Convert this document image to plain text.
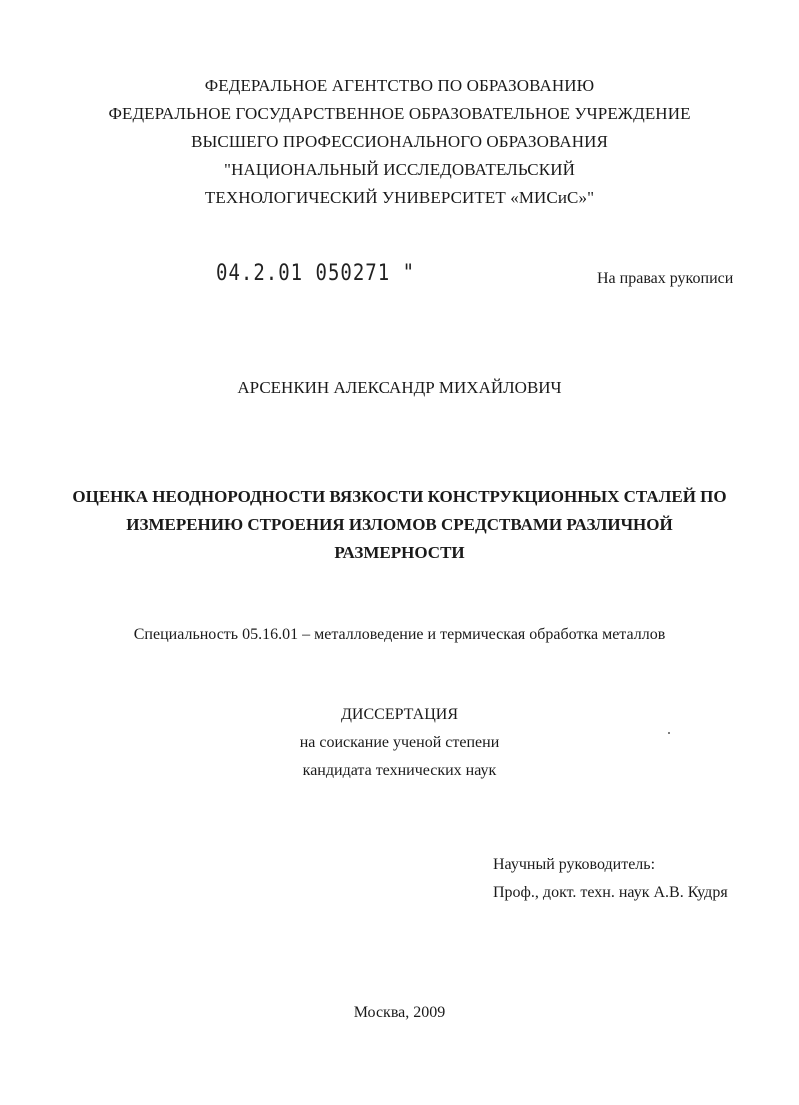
ФЕДЕРАЛЬНОЕ АГЕНТСТВО ПО ОБРАЗОВАНИЮ
ФЕДЕРАЛЬНОЕ ГОСУДАРСТВЕННОЕ ОБРАЗОВАТЕЛЬНОЕ УЧРЕЖДЕНИЕ
ВЫСШЕГО ПРОФЕССИОНАЛЬНОГО ОБРАЗОВАНИЯ
"НАЦИОНАЛЬНЫЙ ИССЛЕДОВАТЕЛЬСКИЙ
ТЕХНОЛОГИЧЕСКИЙ УНИВЕРСИТЕТ «МИСиС»"
04.2.01 050271 "	На правах рукописи
АРСЕНКИН АЛЕКСАНДР МИХАЙЛОВИЧ
ОЦЕНКА НЕОДНОРОДНОСТИ ВЯЗКОСТИ КОНСТРУКЦИОННЫХ СТАЛЕЙ ПО
ИЗМЕРЕНИЮ СТРОЕНИЯ ИЗЛОМОВ СРЕДСТВАМИ РАЗЛИЧНОЙ
РАЗМЕРНОСТИ
Специальность 05.16.01 – металловедение и термическая обработка металлов
ДИССЕРТАЦИЯ
на соискание ученой степени
кандидата технических наук
Научный руководитель:
Проф., докт. техн. наук А.В. Кудря
Москва, 2009
